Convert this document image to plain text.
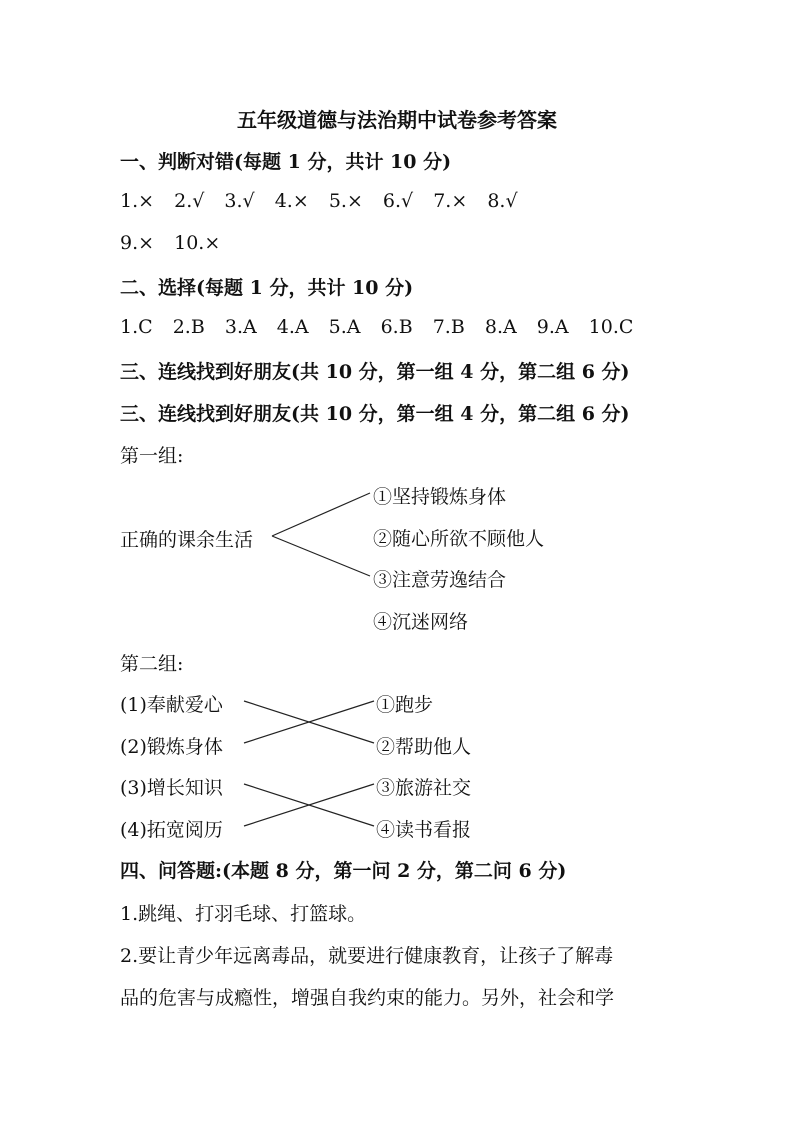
五年级道德与法治期中试卷参考答案
一、判断对错(每题 1 分，共计 10 分)
1.× 2.√ 3.√ 4.× 5.× 6.√ 7.× 8.√
9.× 10.×
二、选择(每题 1 分，共计 10 分)
1.C 2.B 3.A 4.A 5.A 6.B 7.B 8.A 9.A 10.C
三、连线找到好朋友(共 10 分，第一组 4 分，第二组 6 分)
三、连线找到好朋友(共 10 分，第一组 4 分，第二组 6 分)
第一组:
正确的课余生活
①坚持锻炼身体
②随心所欲不顾他人
③注意劳逸结合
④沉迷网络
第二组:
(1)奉献爱心
(2)锻炼身体
(3)增长知识
(4)拓宽阅历
①跑步
②帮助他人
③旅游社交
④读书看报
四、问答题:(本题 8 分，第一问 2 分，第二问 6 分)
1.跳绳、打羽毛球、打篮球。
2.要让青少年远离毒品，就要进行健康教育，让孩子了解毒
品的危害与成瘾性，增强自我约束的能力。另外，社会和学
